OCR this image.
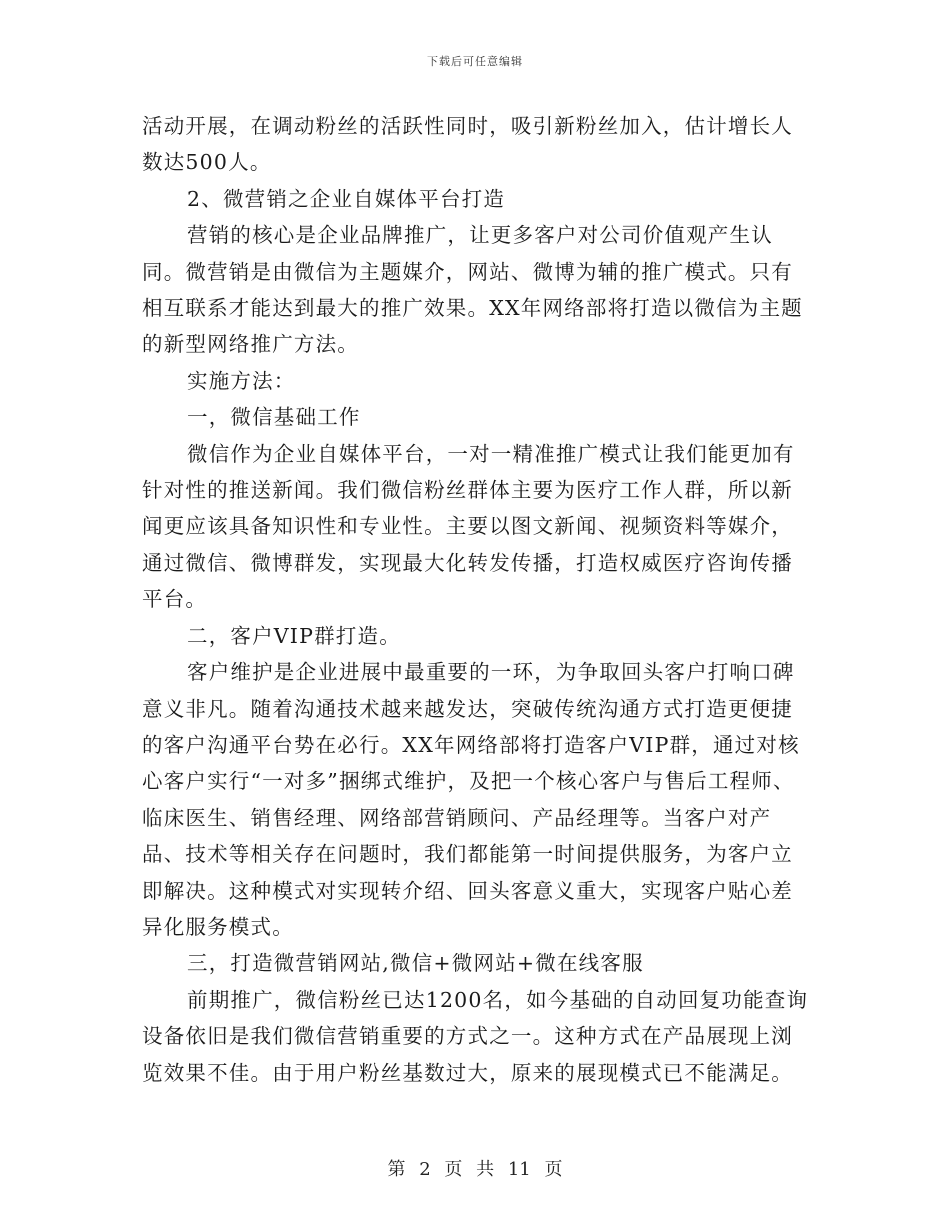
下载后可任意编辑

活动开展，在调动粉丝的活跃性同时，吸引新粉丝加入，估计增长人数达500人。

2、微营销之企业自媒体平台打造

营销的核心是企业品牌推广，让更多客户对公司价值观产生认同。微营销是由微信为主题媒介，网站、微博为辅的推广模式。只有相互联系才能达到最大的推广效果。XX年网络部将打造以微信为主题的新型网络推广方法。

实施方法：

一，微信基础工作

微信作为企业自媒体平台，一对一精准推广模式让我们能更加有针对性的推送新闻。我们微信粉丝群体主要为医疗工作人群，所以新闻更应该具备知识性和专业性。主要以图文新闻、视频资料等媒介，通过微信、微博群发，实现最大化转发传播，打造权威医疗咨询传播平台。

二，客户VIP群打造。

客户维护是企业进展中最重要的一环，为争取回头客户打响口碑意义非凡。随着沟通技术越来越发达，突破传统沟通方式打造更便捷的客户沟通平台势在必行。XX年网络部将打造客户VIP群，通过对核心客户实行“一对多”捆绑式维护，及把一个核心客户与售后工程师、临床医生、销售经理、网络部营销顾问、产品经理等。当客户对产品、技术等相关存在问题时，我们都能第一时间提供服务，为客户立即解决。这种模式对实现转介绍、回头客意义重大，实现客户贴心差异化服务模式。

三，打造微营销网站,微信+微网站+微在线客服

前期推广，微信粉丝已达1200名，如今基础的自动回复功能查询设备依旧是我们微信营销重要的方式之一。这种方式在产品展现上浏览效果不佳。由于用户粉丝基数过大，原来的展现模式已不能满足。

第 2 页 共 11 页
